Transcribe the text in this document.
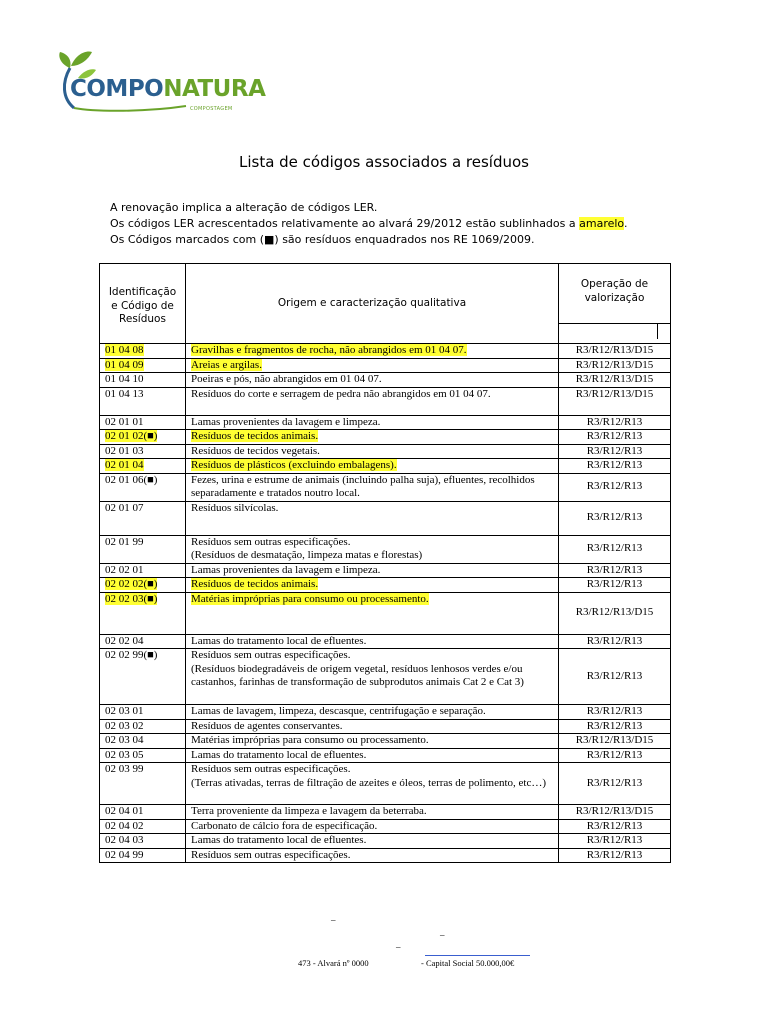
COMPONATURA
COMPOSTAGEM
Lista de códigos associados a resíduos
A renovação implica a alteração de códigos LER.
Os códigos LER acrescentados relativamente ao alvará 29/2012 estão sublinhados a amarelo.
Os Códigos marcados com (■) são resíduos enquadrados nos RE 1069/2009.
Identificação e Código de Resíduos	Origem e caracterização qualitativa	Operação de valorização

01 04 08	Gravilhas e fragmentos de rocha, não abrangidos em 01 04 07.	R3/R12/R13/D15
01 04 09	Areias e argilas.	R3/R12/R13/D15
01 04 10	Poeiras e pós, não abrangidos em 01 04 07.	R3/R12/R13/D15
01 04 13	Resíduos do corte e serragem de pedra não abrangidos em 01 04 07.	R3/R12/R13/D15
02 01 01	Lamas provenientes da lavagem e limpeza.	R3/R12/R13
02 01 02(■)	Resíduos de tecidos animais.	R3/R12/R13
02 01 03	Resíduos de tecidos vegetais.	R3/R12/R13
02 01 04	Resíduos de plásticos (excluindo embalagens).	R3/R12/R13
02 01 06(■)	Fezes, urina e estrume de animais (incluindo palha suja), efluentes, recolhidos separadamente e tratados noutro local.	R3/R12/R13
02 01 07	Resíduos silvícolas.	R3/R12/R13
02 01 99	Resíduos sem outras especificações.
(Resíduos de desmatação, limpeza matas e florestas)	R3/R12/R13
02 02 01	Lamas provenientes da lavagem e limpeza.	R3/R12/R13
02 02 02(■)	Resíduos de tecidos animais.	R3/R12/R13
02 02 03(■)	Matérias impróprias para consumo ou processamento.	R3/R12/R13/D15
02 02 04	Lamas do tratamento local de efluentes.	R3/R12/R13
02 02 99(■)	Resíduos sem outras especificações.
(Resíduos biodegradáveis de origem vegetal, resíduos lenhosos verdes e/ou castanhos, farinhas de transformação de subprodutos animais Cat 2 e Cat 3)	R3/R12/R13
02 03 01	Lamas de lavagem, limpeza, descasque, centrifugação e separação.	R3/R12/R13
02 03 02	Resíduos de agentes conservantes.	R3/R12/R13
02 03 04	Matérias impróprias para consumo ou processamento.	R3/R12/R13/D15
02 03 05	Lamas do tratamento local de efluentes.	R3/R12/R13
02 03 99	Resíduos sem outras especificações.
(Terras ativadas, terras de filtração de azeites e óleos, terras de polimento, etc…)	R3/R12/R13
02 04 01	Terra proveniente da limpeza e lavagem da beterraba.	R3/R12/R13/D15
02 04 02	Carbonato de cálcio fora de especificação.	R3/R12/R13
02 04 03	Lamas do tratamento local de efluentes.	R3/R12/R13
02 04 99	Resíduos sem outras especificações.	R3/R12/R13
–
–
–
473 - Alvará nº 0000	- Capital Social 50.000,00€
